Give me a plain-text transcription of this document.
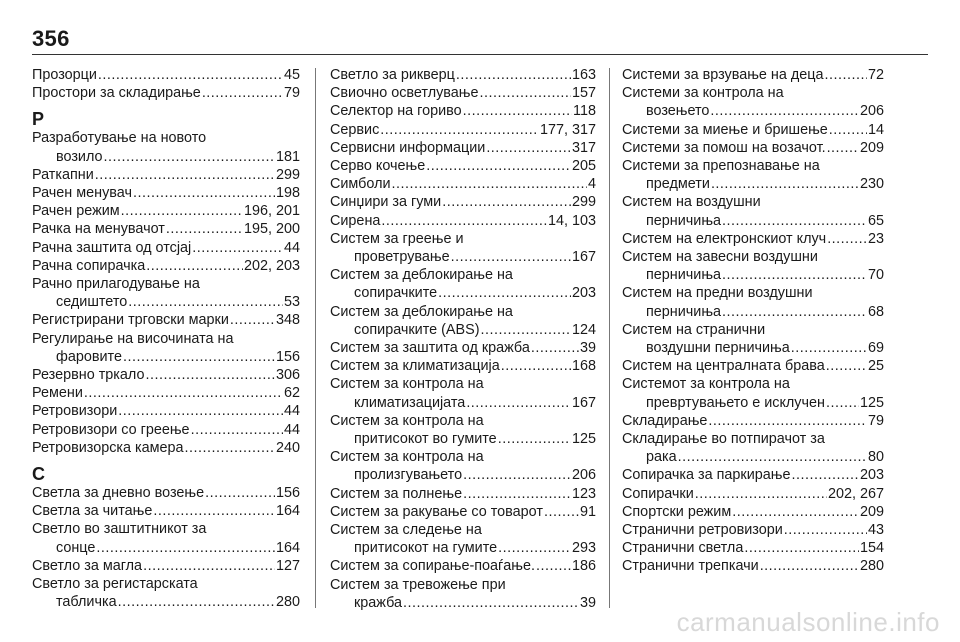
356
Прозорци .....	45
Простори за складирање .....	79
Р
Разработување на новото
возило .....	181
Раткапни .....	299
Рачен менувач .....	198
Рачен режим .....	196, 201
Рачка на менувачот .....	195, 200
Рачна заштита од отсјај .....	44
Рачна сопирачка .....	202, 203
Рачно прилагодување на
седиштето .....	53
Регистрирани трговски марки .....	348
Регулирање на височината на
фаровите .....	156
Резервно тркало .....	306
Ремени .....	62
Ретровизори .....	44
Ретровизори со греење .....	44
Ретровизорска камера .....	240
С
Светла за дневно возење .....	156
Светла за читање .....	164
Светло во заштитникот за
сонце .....	164
Светло за магла .....	127
Светло за регистарската
табличка .....	280
Светло за рикверц .....	163
Свиочно осветлување .....	157
Селектор на гориво .....	118
Сервис .....	177, 317
Сервисни информации .....	317
Серво кочење .....	205
Симболи .....	4
Синџири за гуми .....	299
Сирена .....	14, 103
Систем за греење и
проветрување .....	167
Систем за деблокирање на
сопирачките .....	203
Систем за деблокирање на
сопирачките (ABS) .....	124
Систем за заштита од кражба .....	39
Систем за климатизација .....	168
Систем за контрола на
климатизацијата .....	167
Систем за контрола на
притисокот во гумите .....	125
Систем за контрола на
пролизгувањето .....	206
Систем за полнење .....	123
Систем за ракување со товарот .....	91
Систем за следење на
притисокот на гумите .....	293
Систем за сопирање-поаѓање. .....	186
Систем за тревожење при
кражба .....	39
Системи за врзување на деца .....	72
Системи за контрола на
возењето .....	206
Системи за миење и бришење .....	14
Системи за помош на возачот. ..... 209
Системи за препознавање на
предмети .....	230
Систем на воздушни
перничиња .....	65
Систем на електронскиот клуч .....	23
Систем на завесни воздушни
перничиња .....	70
Систем на предни воздушни
перничиња .....	68
Систем на странични
воздушни перничиња .....	69
Систем на централната брава .....	25
Системот за контрола на
превртувањето е исклучен ..... 125
Складирање .....	79
Складирање во потпирачот за
рака .....	80
Сопирачка за паркирање .....	203
Сопирачки .....	202, 267
Спортски режим .....	209
Странични ретровизори .....	43
Странични светла .....	154
Странични трепкачи .....	280
carmanualsonline.info
